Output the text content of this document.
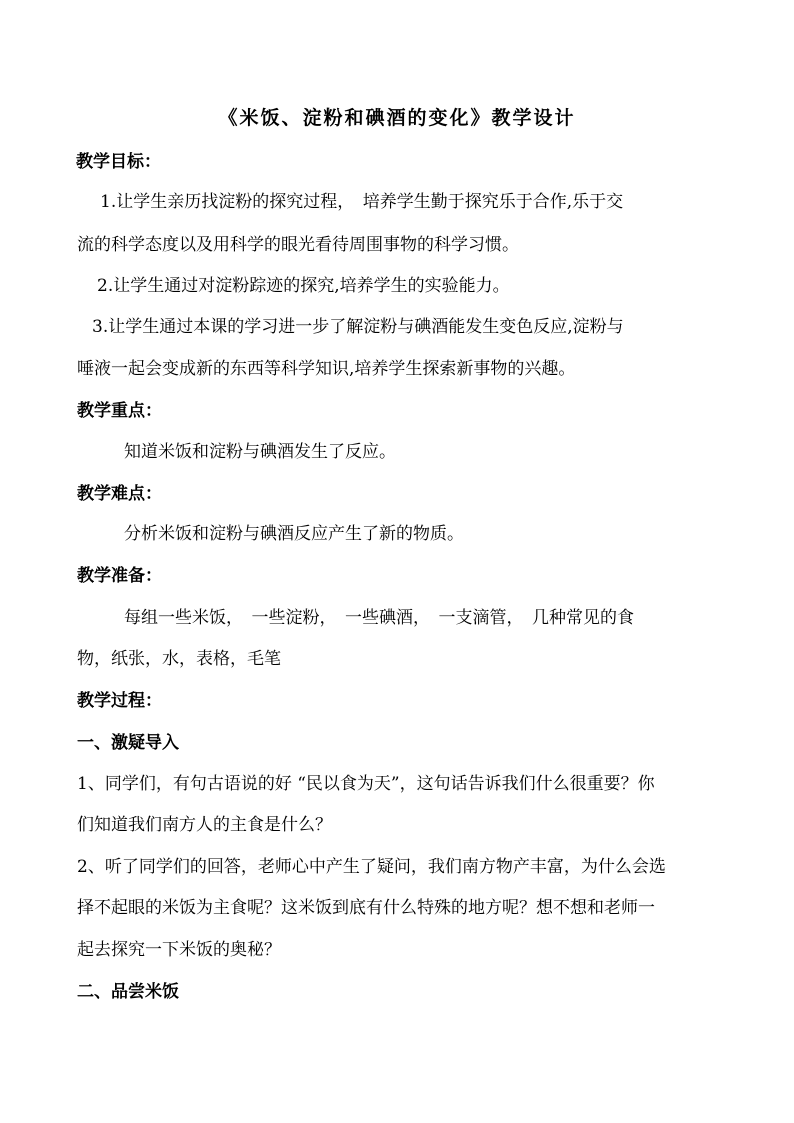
《米饭、淀粉和碘酒的变化》教学设计
教学目标：
1.让学生亲历找淀粉的探究过程，　培养学生勤于探究乐于合作,乐于交
流的科学态度以及用科学的眼光看待周围事物的科学习惯。
2.让学生通过对淀粉踪迹的探究,培养学生的实验能力。
3.让学生通过本课的学习进一步了解淀粉与碘酒能发生变色反应,淀粉与
唾液一起会变成新的东西等科学知识,培养学生探索新事物的兴趣。
教学重点：
知道米饭和淀粉与碘酒发生了反应。
教学难点：
分析米饭和淀粉与碘酒反应产生了新的物质。
教学准备：
每组一些米饭，　一些淀粉，　一些碘酒，　一支滴管，　几种常见的食
物，纸张，水，表格，毛笔
教学过程：
一、激疑导入
1、同学们，有句古语说的好 “民以食为天”，这句话告诉我们什么很重要？你
们知道我们南方人的主食是什么？
2、听了同学们的回答，老师心中产生了疑问，我们南方物产丰富，为什么会选
择不起眼的米饭为主食呢？这米饭到底有什么特殊的地方呢？想不想和老师一
起去探究一下米饭的奥秘？
二、品尝米饭
